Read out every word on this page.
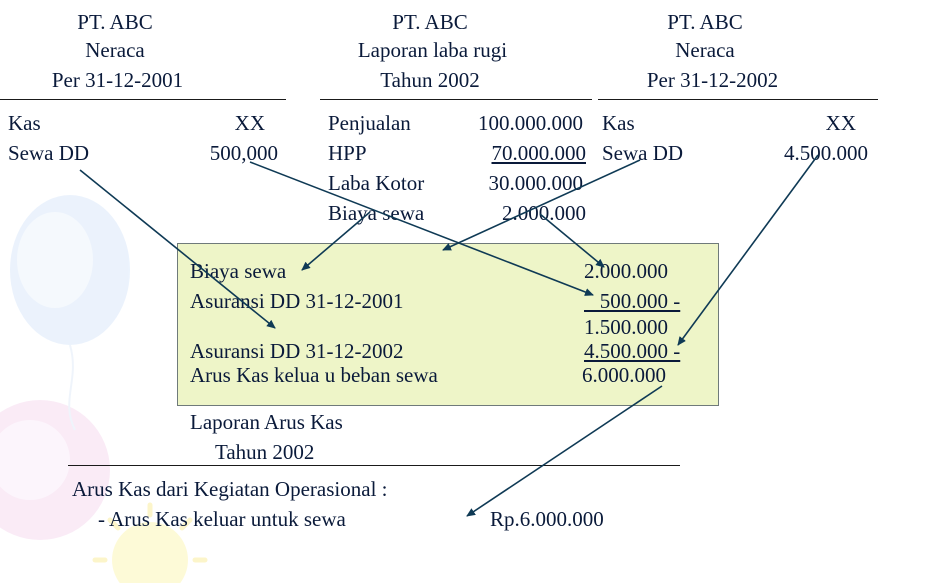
PT. ABC
Neraca
Per 31-12-2001
Kas	XX
Sewa DD	500,000
PT. ABC
Laporan laba rugi
Tahun 2002
Penjualan	100.000.000
HPP	70.000.000
Laba Kotor	30.000.000
Biaya sewa	2.000.000
PT. ABC
Neraca
Per 31-12-2002
Kas	XX
Sewa DD	4.500.000
Biaya sewa	2.000.000
Asuransi DD 31-12-2001	500.000 -
1.500.000
Asuransi DD 31-12-2002	4.500.000 -
Arus Kas kelua u beban sewa	6.000.000
Laporan Arus Kas
Tahun 2002
Arus Kas dari Kegiatan Operasional :
- Arus Kas keluar untuk sewa	Rp.6.000.000
